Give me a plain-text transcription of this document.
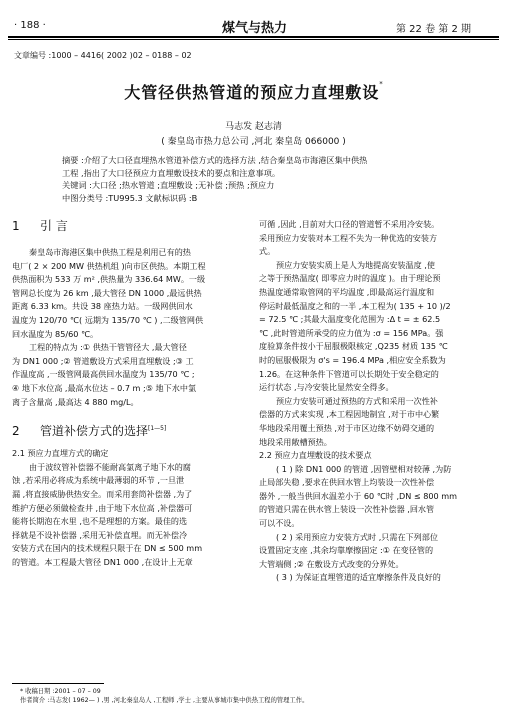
· 188 ·	煤气与热力	第 22 卷 第 2 期
文章编号 :1000 – 4416( 2002 )02 – 0188 – 02
大管径供热管道的预应力直埋敷设*
马志发 赵志清
( 秦皇岛市热力总公司 ,河北 秦皇岛 066000 )

摘要 :介绍了大口径直埋热水管道补偿方式的选择方法 ,结合秦皇岛市海港区集中供热

工程 ,指出了大口径预应力直埋敷设技术的要点和注意事项。

关键词 :大口径 ;热水管道 ;直埋敷设 ;无补偿 ;预热 ;预应力

中图分类号 :TU995.3 文献标识码 :B

1 引 言

秦皇岛市海港区集中供热工程是利用已有的热

电厂( 2 × 200 MW 供热机组 )向市区供热。本期工程

供热面积为 533 万 m² ,供热量为 336.64 MW。一级

管网总长度为 26 km ,最大管径 DN 1000 ,最远供热

距离 6.33 km。共设 38 座热力站。一级网供回水

温度为 120/70 ℃( 远期为 135/70 ℃ ) ,二级管网供

回水温度为 85/60 ℃。

工程的特点为 :① 供热干管管径大 ,最大管径

为 DN1 000 ;② 管道敷设方式采用直埋敷设 ;③ 工

作温度高 ,一级管网最高供回水温度为 135/70 ℃ ;

④ 地下水位高 ,最高水位达 – 0.7 m ;⑤ 地下水中氯

离子含量高 ,最高达 4 880 mg/L。

2 管道补偿方式的选择[1—5]

2.1 预应力直埋方式的确定

由于波纹管补偿器不能耐高氯离子地下水的腐

蚀 ,若采用必将成为系统中最薄弱的环节 ,一旦泄

漏 ,将直接威胁供热安全。而采用套筒补偿器 ,为了

维护方便必须做检查井 ,由于地下水位高 ,补偿器可

能将长期泡在水里 ,也不是理想的方案。最佳的选

择就是不设补偿器 ,采用无补偿直埋。而无补偿冷

安装方式在国内的技术规程只限于在 DN ≤ 500 mm

的管道。本工程最大管径 DN1 000 ,在设计上无章

可循 ,因此 ,目前对大口径的管道暂不采用冷安装。

采用预应力安装对本工程不失为一种优选的安装方

式。

预应力安装实质上是人为地提高安装温度 ,使

之等于预热温度( 即零应力时的温度 )。由于理论预

热温度通常取管网的平均温度 ,即最高运行温度和

停运时最低温度之和的一半 ,本工程为( 135 + 10 )/2

= 72.5 ℃ ;其最大温度变化范围为 :Δ t = ± 62.5

℃ ,此时管道所承受的应力值为 :σ = 156 MPa。强

度验算条件按小于屈服极限核定 ,Q235 材质 135 ℃

时的屈服极限为 σ's = 196.4 MPa ,相应安全系数为

1.26。在这种条件下管道可以长期处于安全稳定的

运行状态 ,与冷安装比显然安全得多。

预应力安装可通过预热的方式和采用一次性补

偿器的方式来实现 ,本工程因地制宜 ,对于市中心繁

华地段采用覆土预热 ,对于市区边缘不妨碍交通的

地段采用敞槽预热。

2.2 预应力直埋敷设的技术要点

( 1 ) 除 DN1 000 的管道 ,因管壁相对较薄 ,为防

止局部失稳 ,要求在供回水管上均装设一次性补偿

器外 ,一般当供回水温差小于 60 ℃时 ,DN ≤ 800 mm

的管道只需在供水管上装设一次性补偿器 ,回水管

可以不设。

( 2 ) 采用预应力安装方式时 ,只需在下列部位

设置固定支座 ,其余均靠摩擦固定 :① 在变径管的

大管端侧 ;② 在敷设方式改变的分界处。

( 3 ) 为保证直埋管道的适宜摩擦条件及良好的

* 收稿日期 :2001 – 07 – 09

作者简介 :马志发( 1962— ) ,男 ,河北秦皇岛人 ,工程师 ,学士 ,主要从事城市集中供热工程的管理工作。
